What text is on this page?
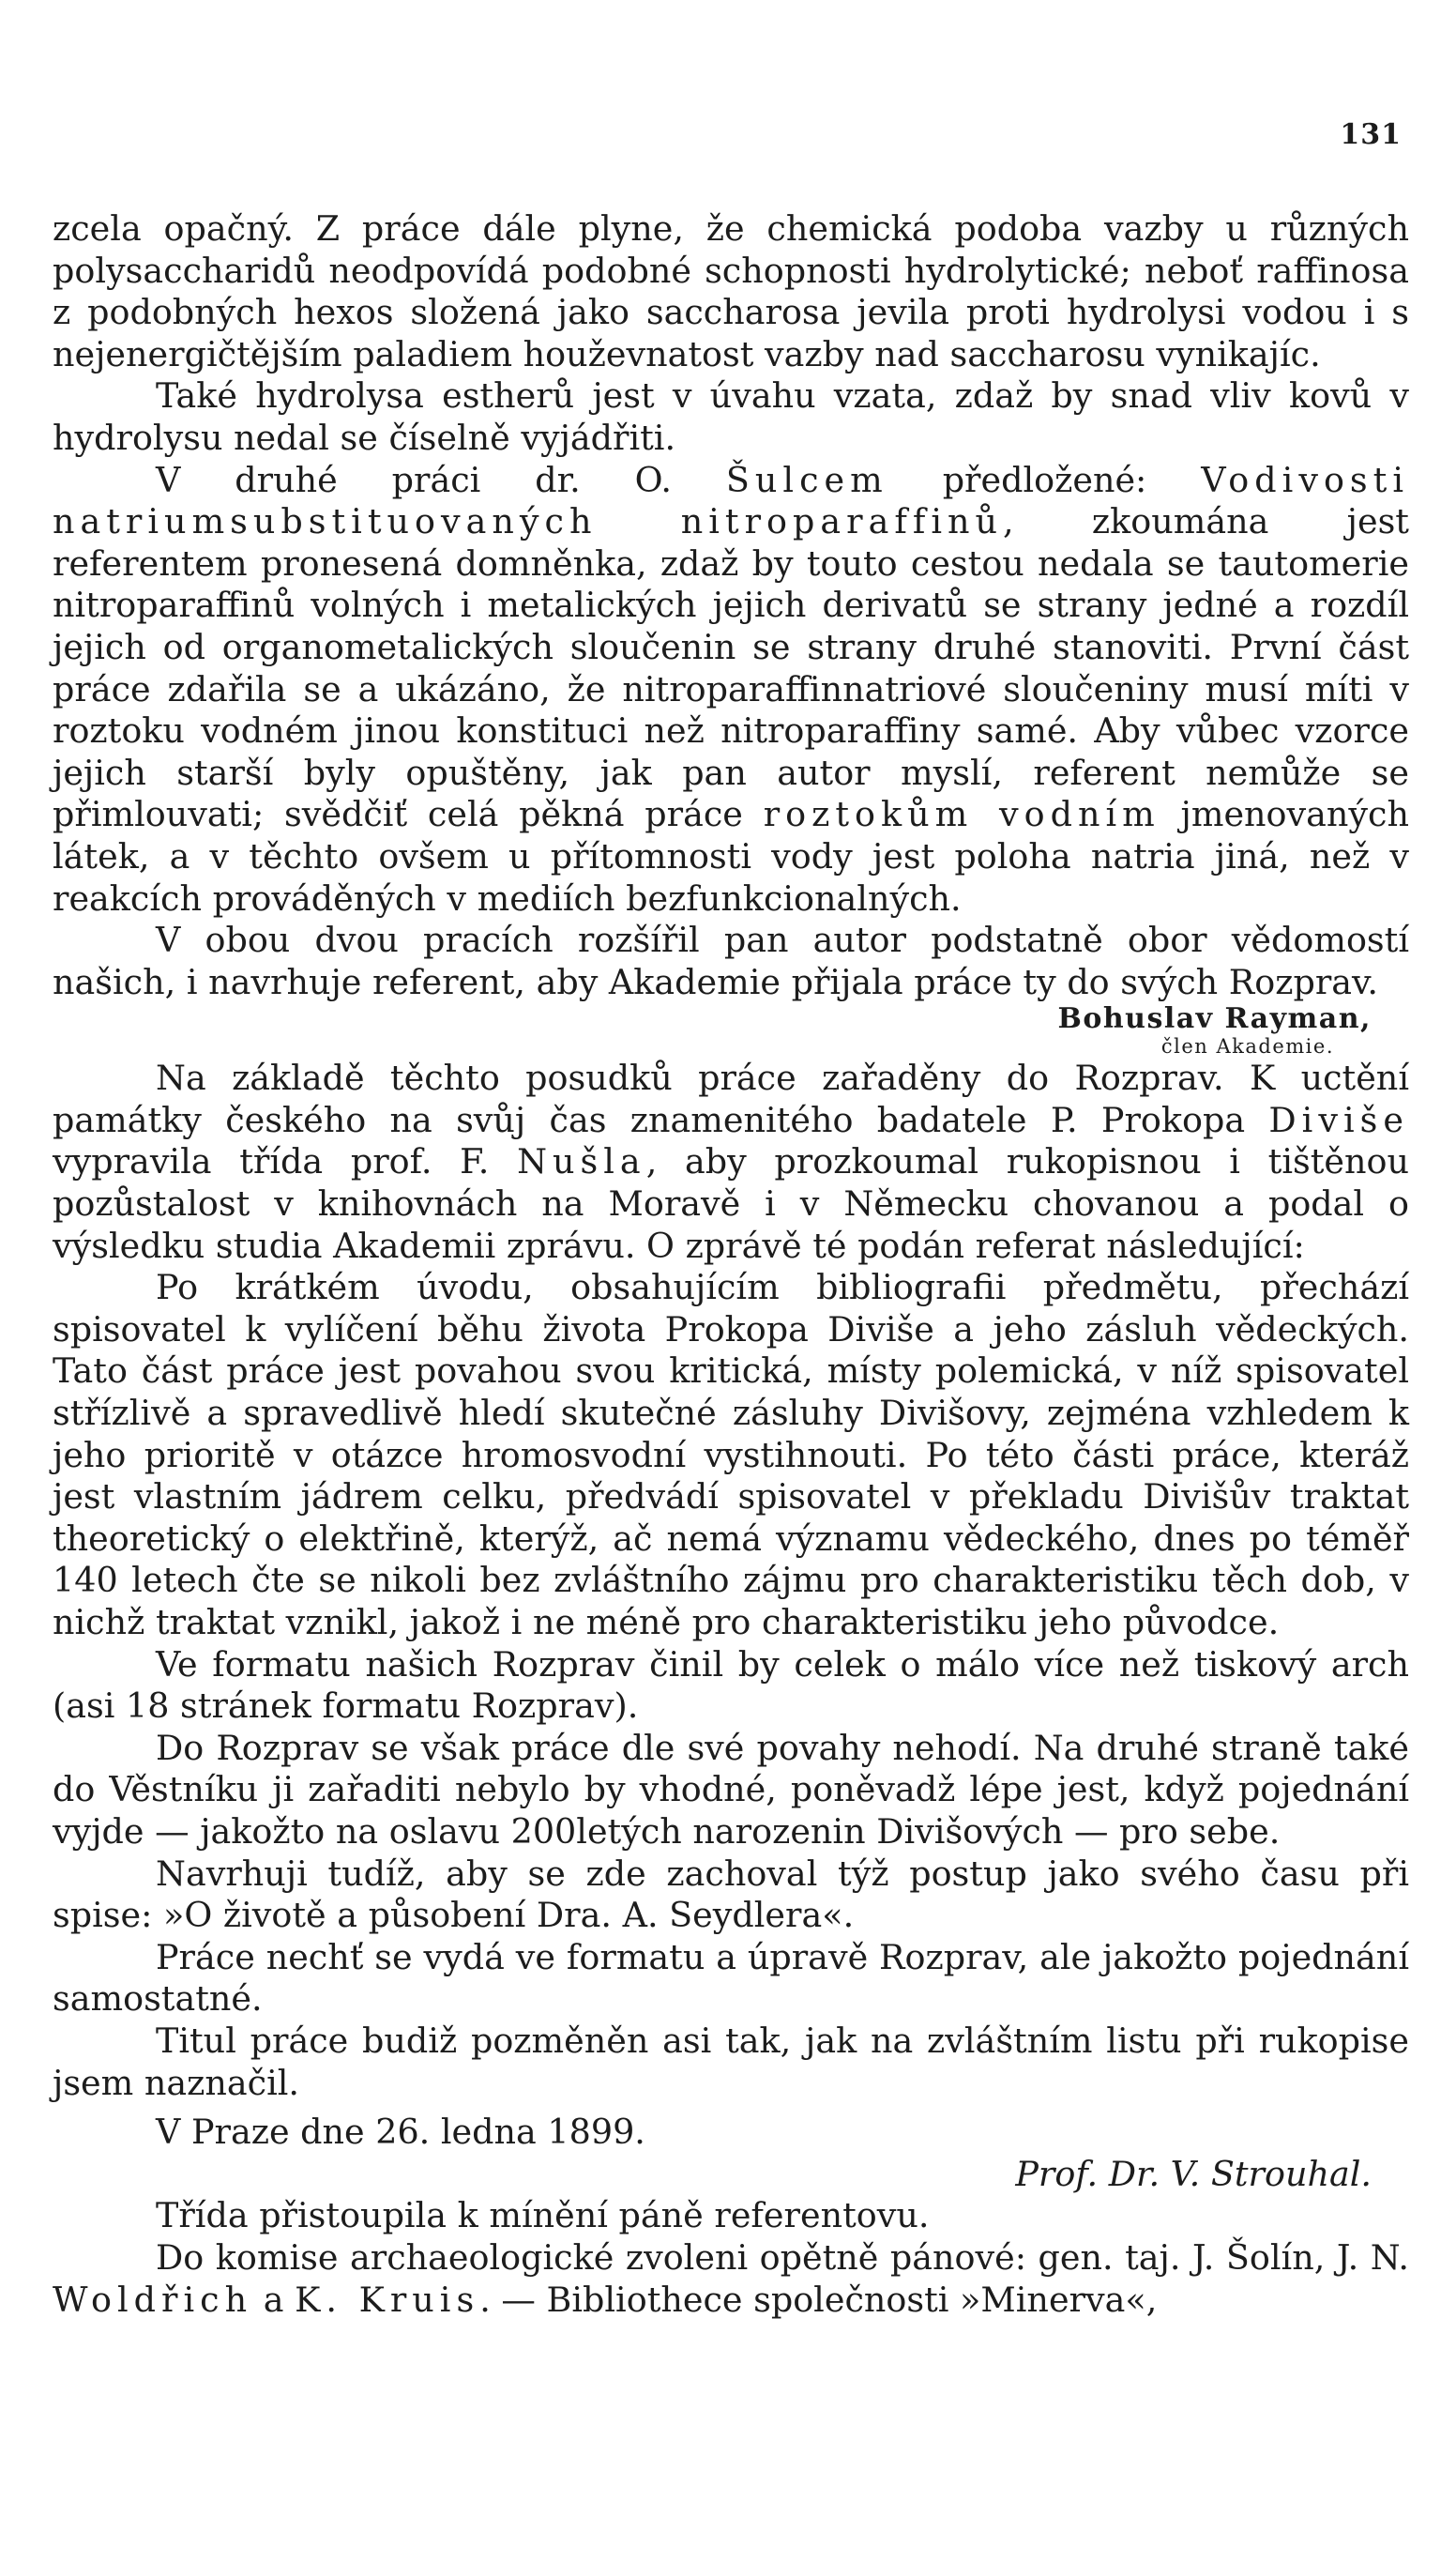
131

zcela opačný. Z práce dále plyne, že chemická podoba vazby u různých polysaccharidů neodpovídá podobné schopnosti hydrolytické; neboť raffinosa z podobných hexos složená jako saccharosa jevila proti hydrolysi vodou i s nejenergičtějším paladiem houževnatost vazby nad saccharosu vynikajíc.

Také hydrolysa estherů jest v úvahu vzata, zdaž by snad vliv kovů v hydrolysu nedal se číselně vyjádřiti.

V druhé práci dr. O. Šulcem předložené: Vodivosti natriumsubstituovaných nitroparaffinů, zkoumána jest referentem pronesená domněnka, zdaž by touto cestou nedala se tautomerie nitroparaffinů volných i metalických jejich derivatů se strany jedné a rozdíl jejich od organometalických sloučenin se strany druhé stanoviti. První část práce zdařila se a ukázáno, že nitroparaffinnatriové sloučeniny musí míti v roztoku vodném jinou konstituci než nitroparaffiny samé. Aby vůbec vzorce jejich starší byly opuštěny, jak pan autor myslí, referent nemůže se přimlouvati; svědčiť celá pěkná práce roztokům vodním jmenovaných látek, a v těchto ovšem u přítomnosti vody jest poloha natria jiná, než v reakcích prováděných v mediích bezfunkcionalných.

V obou dvou pracích rozšířil pan autor podstatně obor vědomostí našich, i navrhuje referent, aby Akademie přijala práce ty do svých Rozprav.

Bohuslav Rayman,

člen Akademie.

Na základě těchto posudků práce zařaděny do Rozprav. K uctění památky českého na svůj čas znamenitého badatele P. Prokopa Diviše vypravila třída prof. F. Nušla, aby prozkoumal rukopisnou i tištěnou pozůstalost v knihovnách na Moravě i v Německu chovanou a podal o výsledku studia Akademii zprávu. O zprávě té podán referat následující:

Po krátkém úvodu, obsahujícím bibliografii předmětu, přechází spisovatel k vylíčení běhu života Prokopa Diviše a jeho zásluh vědeckých. Tato část práce jest povahou svou kritická, místy polemická, v níž spisovatel střízlivě a spravedlivě hledí skutečné zásluhy Divišovy, zejména vzhledem k jeho prioritě v otázce hromosvodní vystihnouti. Po této části práce, kteráž jest vlastním jádrem celku, předvádí spisovatel v překladu Divišův traktat theoretický o elektřině, kterýž, ač nemá významu vědeckého, dnes po téměř 140 letech čte se nikoli bez zvláštního zájmu pro charakteristiku těch dob, v nichž traktat vznikl, jakož i ne méně pro charakteristiku jeho původce.

Ve formatu našich Rozprav činil by celek o málo více než tiskový arch (asi 18 stránek formatu Rozprav).

Do Rozprav se však práce dle své povahy nehodí. Na druhé straně také do Věstníku ji zařaditi nebylo by vhodné, poněvadž lépe jest, když pojednání vyjde — jakožto na oslavu 200letých narozenin Divišových — pro sebe.

Navrhuji tudíž, aby se zde zachoval týž postup jako svého času při spise: »O životě a působení Dra. A. Seydlera«.

Práce nechť se vydá ve formatu a úpravě Rozprav, ale jakožto pojednání samostatné.

Titul práce budiž pozměněn asi tak, jak na zvláštním listu při rukopise jsem naznačil.

V Praze dne 26. ledna 1899.

Prof. Dr. V. Strouhal.

Třída přistoupila k mínění páně referentovu.

Do komise archaeologické zvoleni opětně pánové: gen. taj. J. Šolín, J. N. Woldřich a K. Kruis. — Bibliothece společnosti »Minerva«,
